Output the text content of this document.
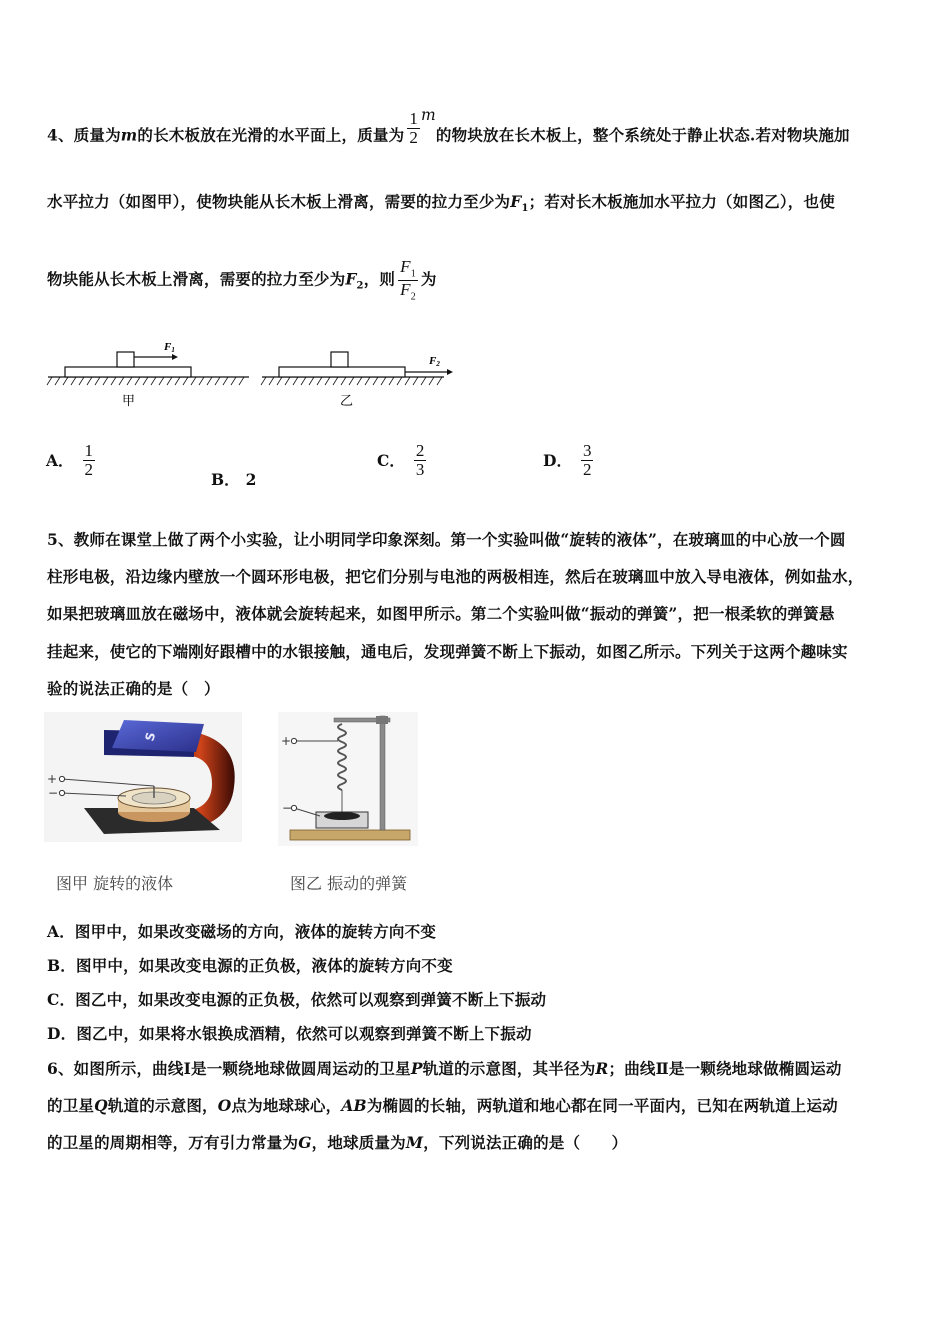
4、质量为m的长木板放在光滑的水平面上，质量为 $\frac{1}{2}$ m的物块放在长木板上，整个系统处于静止状态.若对物块施加
水平拉力（如图甲），使物块能从长木板上滑离，需要的拉力至少为$F_1$；若对长木板施加水平拉力（如图乙），也使
物块能从长木板上滑离，需要的拉力至少为$F_2$，则 $\frac{F_1}{F_2}$ 为
F1
甲
F2
乙
A． $\frac{1}{2}$
B． 2
C． $\frac{2}{3}$	D． $\frac{3}{2}$
5、教师在课堂上做了两个小实验，让小明同学印象深刻。第一个实验叫做“旋转的液体”，在玻璃皿的中心放一个圆
柱形电极，沿边缘内壁放一个圆环形电极，把它们分别与电池的两极相连，然后在玻璃皿中放入导电液体，例如盐水，
如果把玻璃皿放在磁场中，液体就会旋转起来，如图甲所示。第二个实验叫做“振动的弹簧”，把一根柔软的弹簧悬
挂起来，使它的下端刚好跟槽中的水银接触，通电后，发现弹簧不断上下振动，如图乙所示。下列关于这两个趣味实
验的说法正确的是（　）
S
+
−
+
−
图甲 旋转的液体	图乙 振动的弹簧
A．图甲中，如果改变磁场的方向，液体的旋转方向不变
B．图甲中，如果改变电源的正负极，液体的旋转方向不变
C．图乙中，如果改变电源的正负极，依然可以观察到弹簧不断上下振动
D．图乙中，如果将水银换成酒精，依然可以观察到弹簧不断上下振动
6、如图所示，曲线Ⅰ是一颗绕地球做圆周运动的卫星P轨道的示意图，其半径为R；曲线Ⅱ是一颗绕地球做椭圆运动
的卫星Q轨道的示意图，O点为地球球心，AB为椭圆的长轴，两轨道和地心都在同一平面内，已知在两轨道上运动
的卫星的周期相等，万有引力常量为G，地球质量为M，下列说法正确的是（　　）
